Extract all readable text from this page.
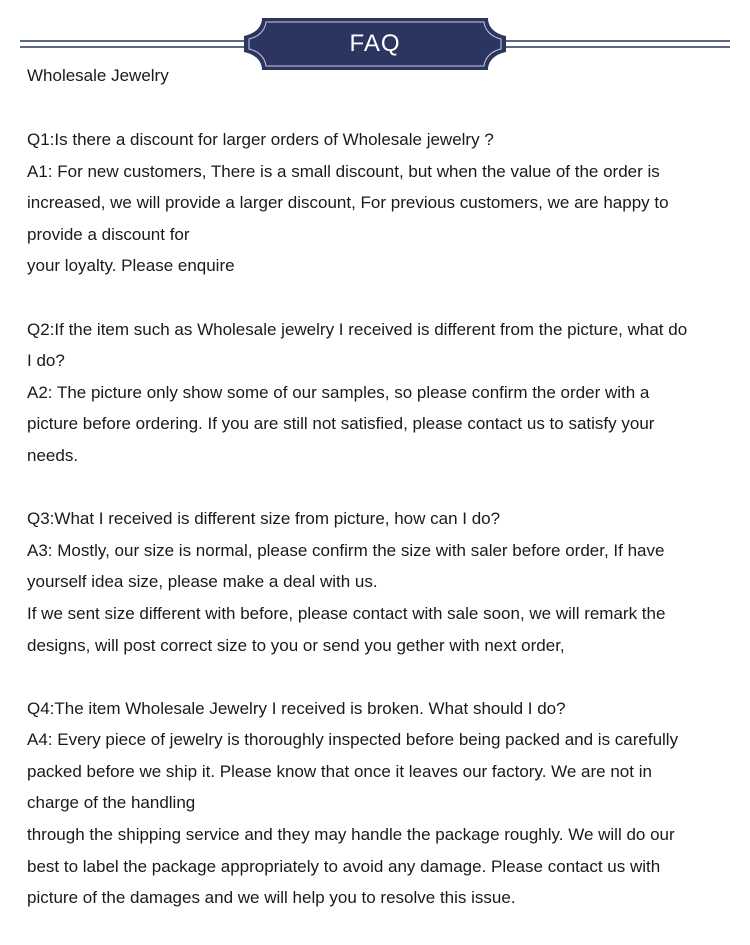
FAQ
Wholesale Jewelry

Q1:Is there a discount for larger orders of Wholesale jewelry ?

A1: For new customers, There is a small discount, but when the value of the order is

increased, we will provide a larger discount, For previous customers, we are happy to

provide a discount for

your loyalty. Please enquire

Q2:If the item such as Wholesale jewelry I received is different from the picture, what do

I do?

A2: The picture only show some of our samples, so please confirm the order with a

picture before ordering. If you are still not satisfied, please contact us to satisfy your

needs.

Q3:What I received is different size from picture, how can I do?

A3: Mostly, our size is normal, please confirm the size with saler before order, If have

yourself idea size, please make a deal with us.

If we sent size different with before, please contact with sale soon, we will remark the

designs, will post correct size to you or send you gether with next order,

Q4:The item Wholesale Jewelry I received is broken. What should I do?

A4: Every piece of jewelry is thoroughly inspected before being packed and is carefully

packed before we ship it. Please know that once it leaves our factory. We are not in

charge of the handling

through the shipping service and they may handle the package roughly. We will do our

best to label the package appropriately to avoid any damage. Please contact us with

picture of the damages and we will help you to resolve this issue.
